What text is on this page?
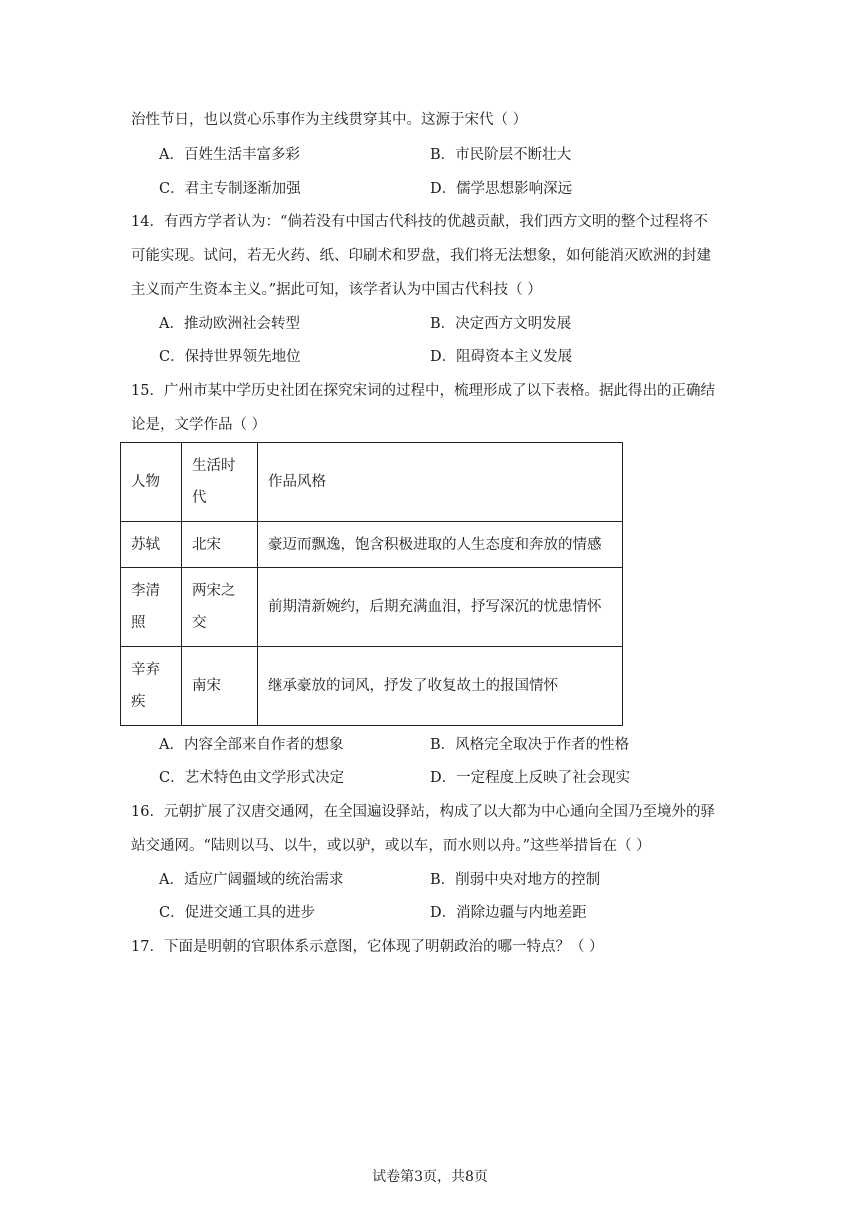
治性节日，也以赏心乐事作为主线贯穿其中。这源于宋代（ ）
A．百姓生活丰富多彩	B．市民阶层不断壮大
C．君主专制逐渐加强	D．儒学思想影响深远
14．有西方学者认为：“倘若没有中国古代科技的优越贡献，我们西方文明的整个过程将不
可能实现。试问，若无火药、纸、印刷术和罗盘，我们将无法想象，如何能消灭欧洲的封建
主义而产生资本主义。”据此可知，该学者认为中国古代科技（ ）
A．推动欧洲社会转型	B．决定西方文明发展
C．保持世界领先地位	D．阻碍资本主义发展
15．广州市某中学历史社团在探究宋词的过程中，梳理形成了以下表格。据此得出的正确结
论是，文学作品（ ）
人物	生活时代	作品风格
苏轼	北宋	豪迈而飘逸，饱含积极进取的人生态度和奔放的情感
李清照	两宋之交	前期清新婉约，后期充满血泪，抒写深沉的忧患情怀
辛弃疾	南宋	继承豪放的词风，抒发了收复故土的报国情怀
A．内容全部来自作者的想象	B．风格完全取决于作者的性格
C．艺术特色由文学形式决定	D．一定程度上反映了社会现实
16．元朝扩展了汉唐交通网，在全国遍设驿站，构成了以大都为中心通向全国乃至境外的驿
站交通网。“陆则以马、以牛，或以驴，或以车，而水则以舟。”这些举措旨在（ ）
A．适应广阔疆域的统治需求	B．削弱中央对地方的控制
C．促进交通工具的进步	D．消除边疆与内地差距
17．下面是明朝的官职体系示意图，它体现了明朝政治的哪一特点？（ ）
试卷第3页，共8页
